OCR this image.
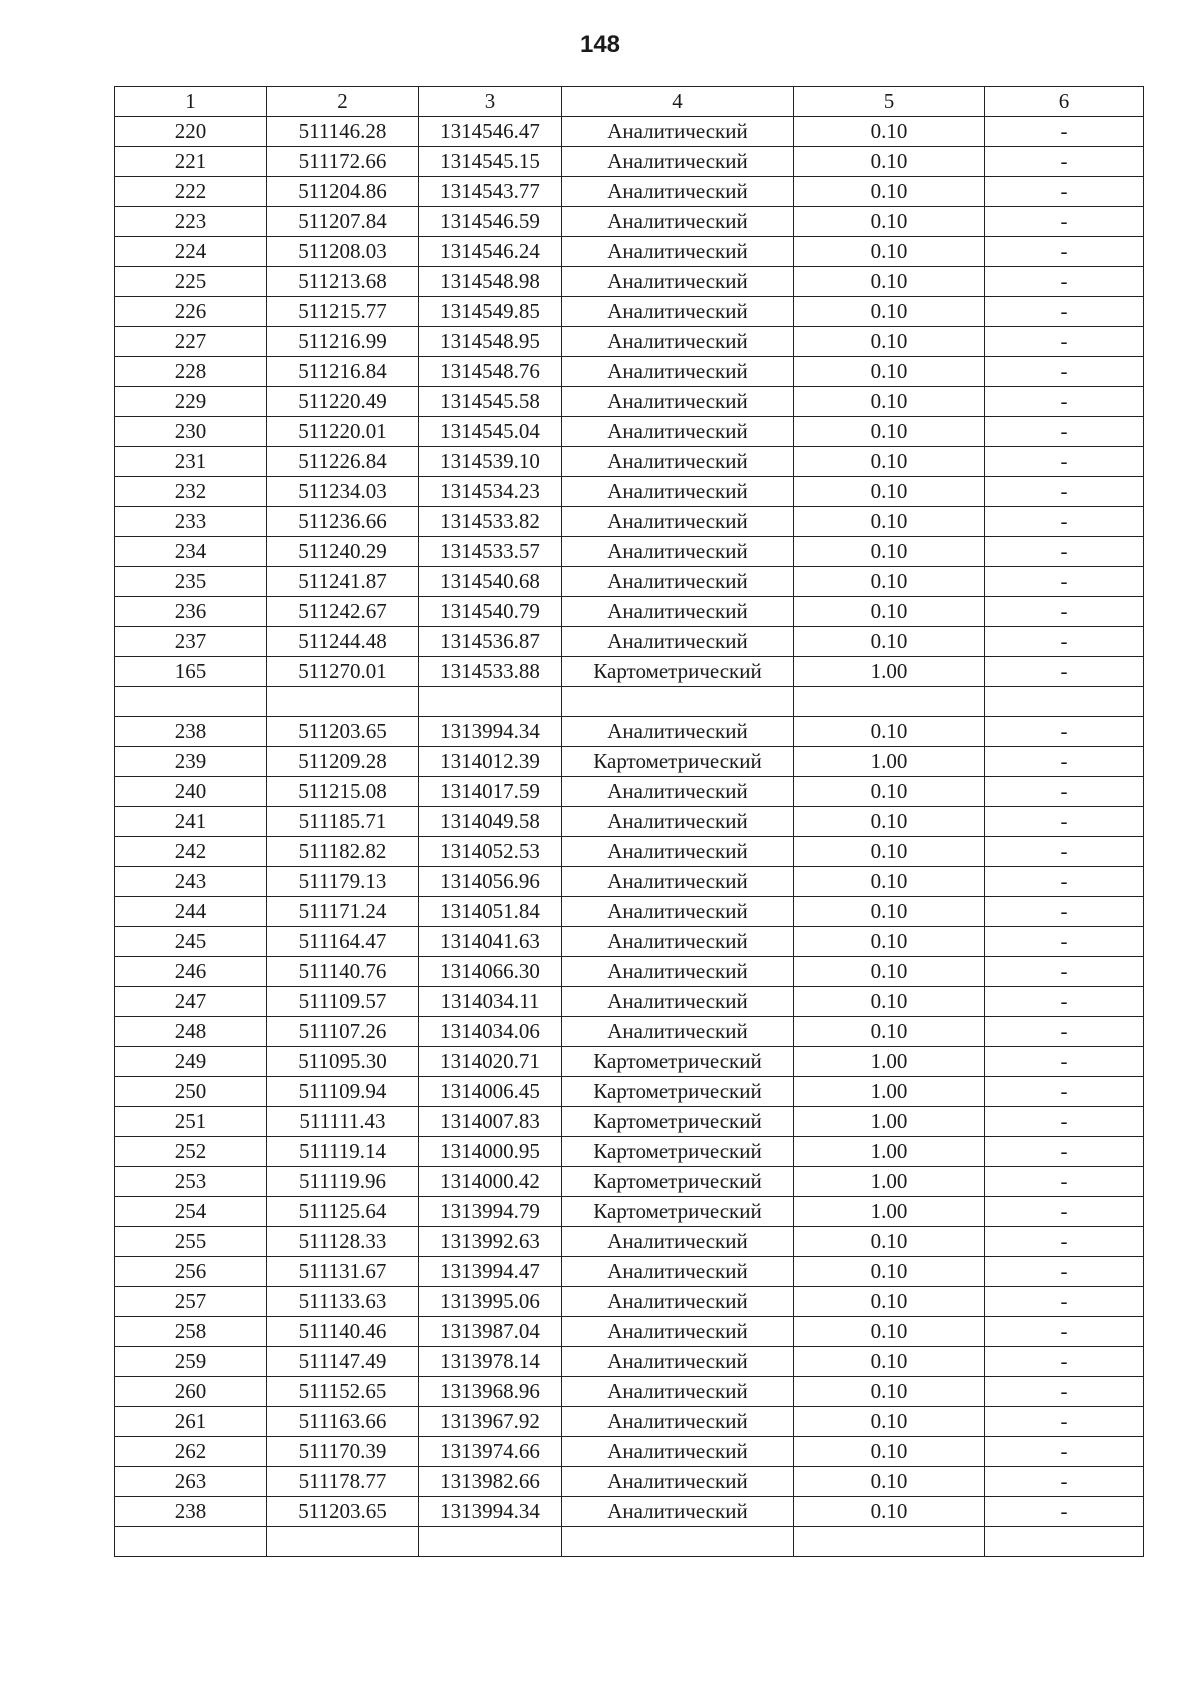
148
1	2	3	4	5	6
220	511146.28	1314546.47	Аналитический	0.10	-
221	511172.66	1314545.15	Аналитический	0.10	-
222	511204.86	1314543.77	Аналитический	0.10	-
223	511207.84	1314546.59	Аналитический	0.10	-
224	511208.03	1314546.24	Аналитический	0.10	-
225	511213.68	1314548.98	Аналитический	0.10	-
226	511215.77	1314549.85	Аналитический	0.10	-
227	511216.99	1314548.95	Аналитический	0.10	-
228	511216.84	1314548.76	Аналитический	0.10	-
229	511220.49	1314545.58	Аналитический	0.10	-
230	511220.01	1314545.04	Аналитический	0.10	-
231	511226.84	1314539.10	Аналитический	0.10	-
232	511234.03	1314534.23	Аналитический	0.10	-
233	511236.66	1314533.82	Аналитический	0.10	-
234	511240.29	1314533.57	Аналитический	0.10	-
235	511241.87	1314540.68	Аналитический	0.10	-
236	511242.67	1314540.79	Аналитический	0.10	-
237	511244.48	1314536.87	Аналитический	0.10	-
165	511270.01	1314533.88	Картометрический	1.00	-

238	511203.65	1313994.34	Аналитический	0.10	-
239	511209.28	1314012.39	Картометрический	1.00	-
240	511215.08	1314017.59	Аналитический	0.10	-
241	511185.71	1314049.58	Аналитический	0.10	-
242	511182.82	1314052.53	Аналитический	0.10	-
243	511179.13	1314056.96	Аналитический	0.10	-
244	511171.24	1314051.84	Аналитический	0.10	-
245	511164.47	1314041.63	Аналитический	0.10	-
246	511140.76	1314066.30	Аналитический	0.10	-
247	511109.57	1314034.11	Аналитический	0.10	-
248	511107.26	1314034.06	Аналитический	0.10	-
249	511095.30	1314020.71	Картометрический	1.00	-
250	511109.94	1314006.45	Картометрический	1.00	-
251	511111.43	1314007.83	Картометрический	1.00	-
252	511119.14	1314000.95	Картометрический	1.00	-
253	511119.96	1314000.42	Картометрический	1.00	-
254	511125.64	1313994.79	Картометрический	1.00	-
255	511128.33	1313992.63	Аналитический	0.10	-
256	511131.67	1313994.47	Аналитический	0.10	-
257	511133.63	1313995.06	Аналитический	0.10	-
258	511140.46	1313987.04	Аналитический	0.10	-
259	511147.49	1313978.14	Аналитический	0.10	-
260	511152.65	1313968.96	Аналитический	0.10	-
261	511163.66	1313967.92	Аналитический	0.10	-
262	511170.39	1313974.66	Аналитический	0.10	-
263	511178.77	1313982.66	Аналитический	0.10	-
238	511203.65	1313994.34	Аналитический	0.10	-
